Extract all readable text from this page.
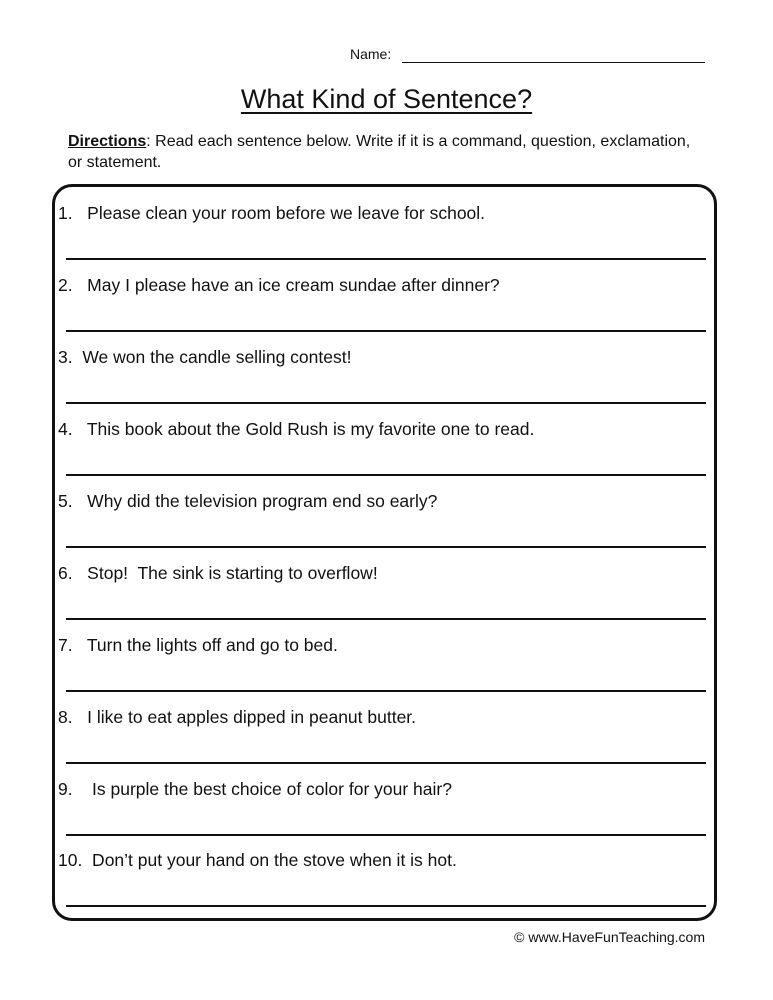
Name:
What Kind of Sentence?
Directions: Read each sentence below. Write if it is a command, question, exclamation, or statement.
1.   Please clean your room before we leave for school.
2.   May I please have an ice cream sundae after dinner?
3.  We won the candle selling contest!
4.   This book about the Gold Rush is my favorite one to read.
5.   Why did the television program end so early?
6.   Stop!  The sink is starting to overflow!
7.   Turn the lights off and go to bed.
8.   I like to eat apples dipped in peanut butter.
9.    Is purple the best choice of color for your hair?
10.  Don’t put your hand on the stove when it is hot.
© www.HaveFunTeaching.com
